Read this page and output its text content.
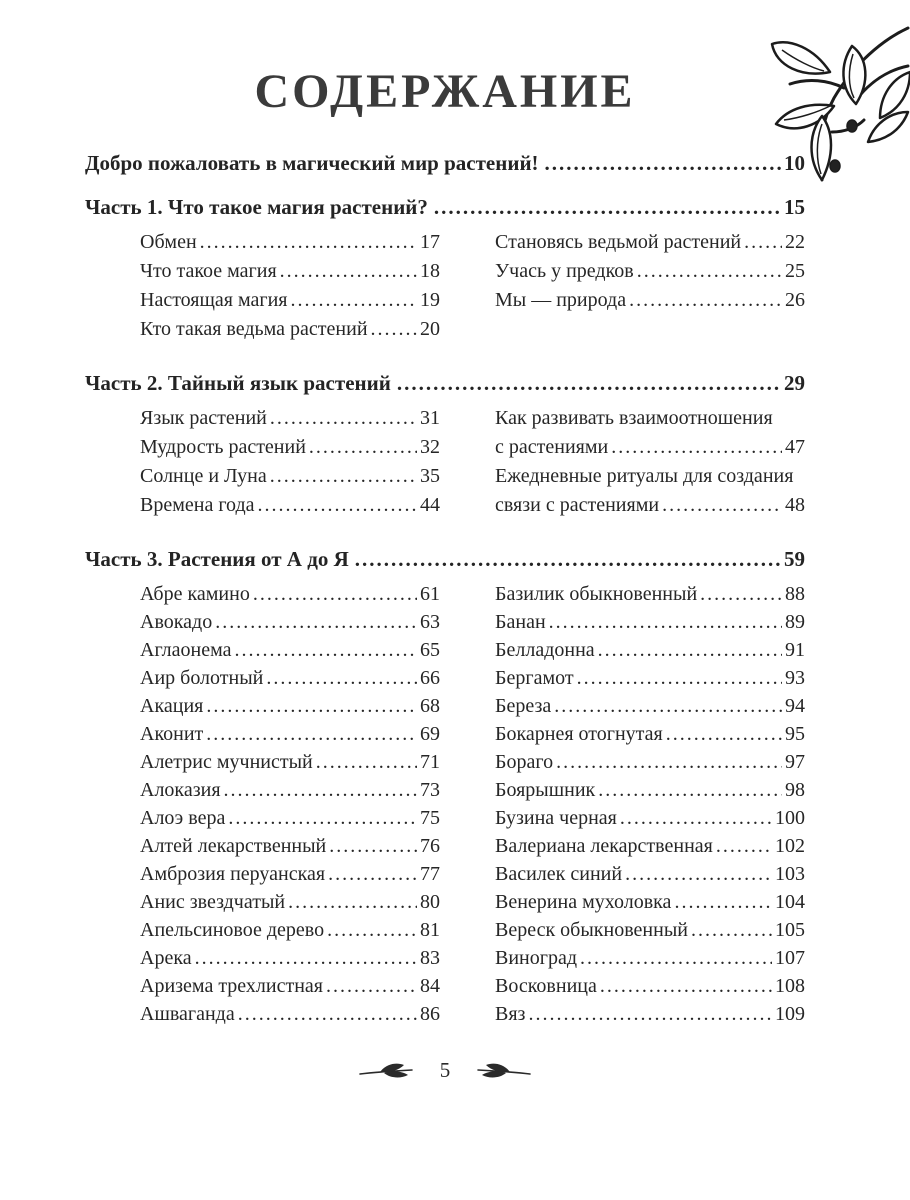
СОДЕРЖАНИЕ
Добро пожаловать в магический мир растений! .....	10
Часть 1. Что такое магия растений? .....	15
Обмен .....	17
Что такое магия .....	18
Настоящая магия .....	19
Кто такая ведьма растений .....	20
Становясь ведьмой растений ..... 22
Учась у предков .....	25
Мы — природа .....	26
Часть 2. Тайный язык растений .....	29
Язык растений .....	31
Мудрость растений .....	32
Солнце и Луна .....	35
Времена года .....	44
Как развивать взаимоотношения
с растениями .....	47
Ежедневные ритуалы для создания
связи с растениями .....	48
Часть 3. Растения от А до Я .....	59
Абре камино .....	61
Авокадо .....	63
Аглаонема .....	65
Аир болотный .....	66
Акация .....	68
Аконит .....	69
Алетрис мучнистый .....	71
Алоказия .....	73
Алоэ вера .....	75
Алтей лекарственный .....	76
Амброзия перуанская .....	77
Анис звездчатый .....	80
Апельсиновое дерево .....	81
Арека .....	83
Аризема трехлистная .....	84
Ашваганда .....	86
Базилик обыкновенный .....	88
Банан .....	89
Белладонна .....	91
Бергамот .....	93
Береза .....	94
Бокарнея отогнутая .....	95
Бораго .....	97
Боярышник .....	98
Бузина черная .....	100
Валериана лекарственная .....	102
Василек синий .....	103
Венерина мухоловка .....	104
Вереск обыкновенный .....	105
Виноград .....	107
Восковница .....	108
Вяз .....	109
5
